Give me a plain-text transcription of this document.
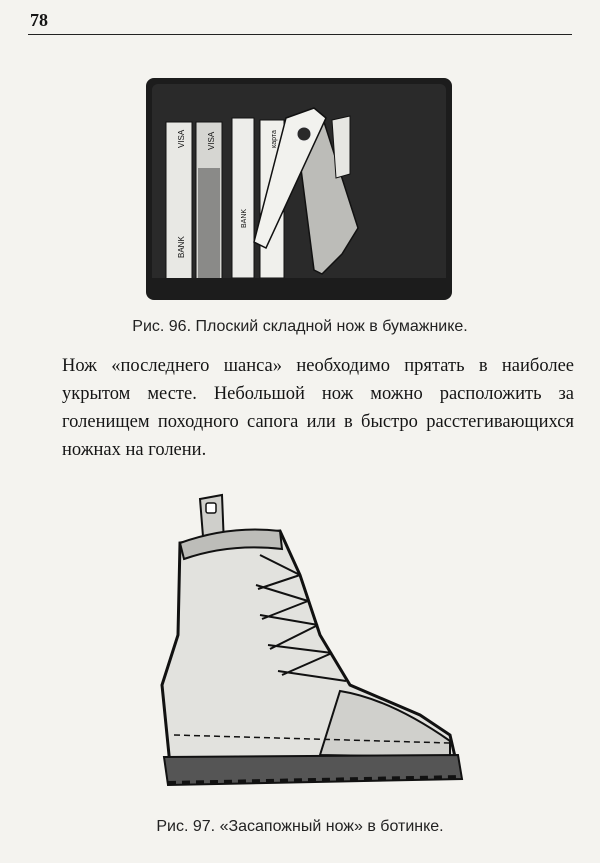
78
VISA
BANK
VISA
BANK
карта
Рис. 96. Плоский складной нож в бумажнике.
Нож «последнего шанса» необходимо прятать в наиболее укрытом месте. Небольшой нож можно расположить за голенищем походного сапога или в быстро расстегивающихся ножнах на голени.
Рис. 97. «Засапожный нож» в ботинке.
